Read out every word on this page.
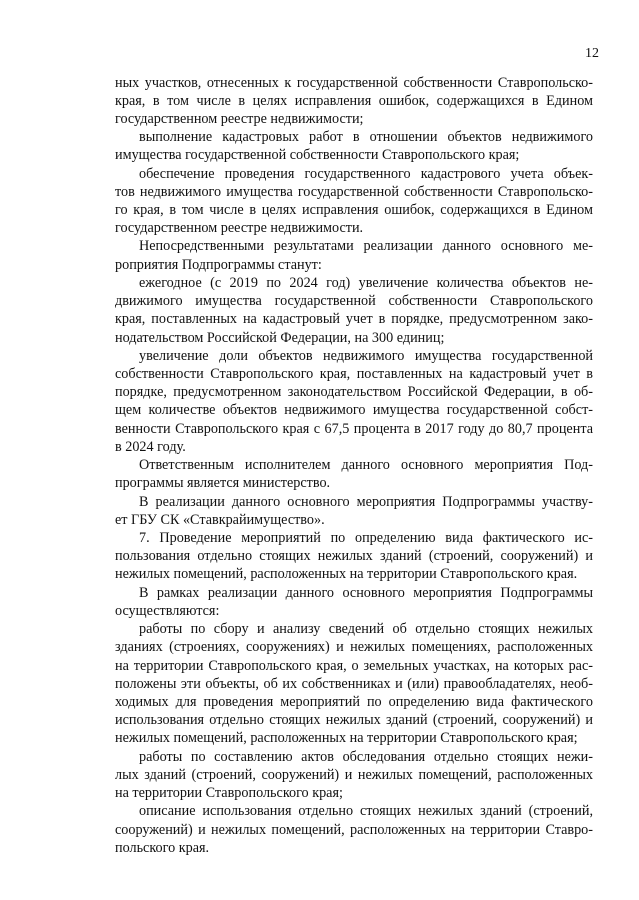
12
ных участков, отнесенных к государственной собственности Ставропольско-
края, в том числе в целях исправления ошибок, содержащихся в Едином
государственном реестре недвижимости;
выполнение кадастровых работ в отношении объектов недвижимого
имущества государственной собственности Ставропольского края;
обеспечение проведения государственного кадастрового учета объек-
тов недвижимого имущества государственной собственности Ставропольско-
го края, в том числе в целях исправления ошибок, содержащихся в Едином
государственном реестре недвижимости.
Непосредственными результатами реализации данного основного ме-
роприятия Подпрограммы станут:
ежегодное (с 2019 по 2024 год) увеличение количества объектов не-
движимого имущества государственной собственности Ставропольского
края, поставленных на кадастровый учет в порядке, предусмотренном зако-
нодательством Российской Федерации, на 300 единиц;
увеличение доли объектов недвижимого имущества государственной
собственности Ставропольского края, поставленных на кадастровый учет в
порядке, предусмотренном законодательством Российской Федерации, в об-
щем количестве объектов недвижимого имущества государственной собст-
венности Ставропольского края с 67,5 процента в 2017 году до 80,7 процента
в 2024 году.
Ответственным исполнителем данного основного мероприятия Под-
программы является министерство.
В реализации данного основного мероприятия Подпрограммы участву-
ет ГБУ СК «Ставкрайимущество».
7. Проведение мероприятий по определению вида фактического ис-
пользования отдельно стоящих нежилых зданий (строений, сооружений) и
нежилых помещений, расположенных на территории Ставропольского края.
В рамках реализации данного основного мероприятия Подпрограммы
осуществляются:
работы по сбору и анализу сведений об отдельно стоящих нежилых
зданиях (строениях, сооружениях) и нежилых помещениях, расположенных
на территории Ставропольского края, о земельных участках, на которых рас-
положены эти объекты, об их собственниках и (или) правообладателях, необ-
ходимых для проведения мероприятий по определению вида фактического
использования отдельно стоящих нежилых зданий (строений, сооружений) и
нежилых помещений, расположенных на территории Ставропольского края;
работы по составлению актов обследования отдельно стоящих нежи-
лых зданий (строений, сооружений) и нежилых помещений, расположенных
на территории Ставропольского края;
описание использования отдельно стоящих нежилых зданий (строений,
сооружений) и нежилых помещений, расположенных на территории Ставро-
польского края.
